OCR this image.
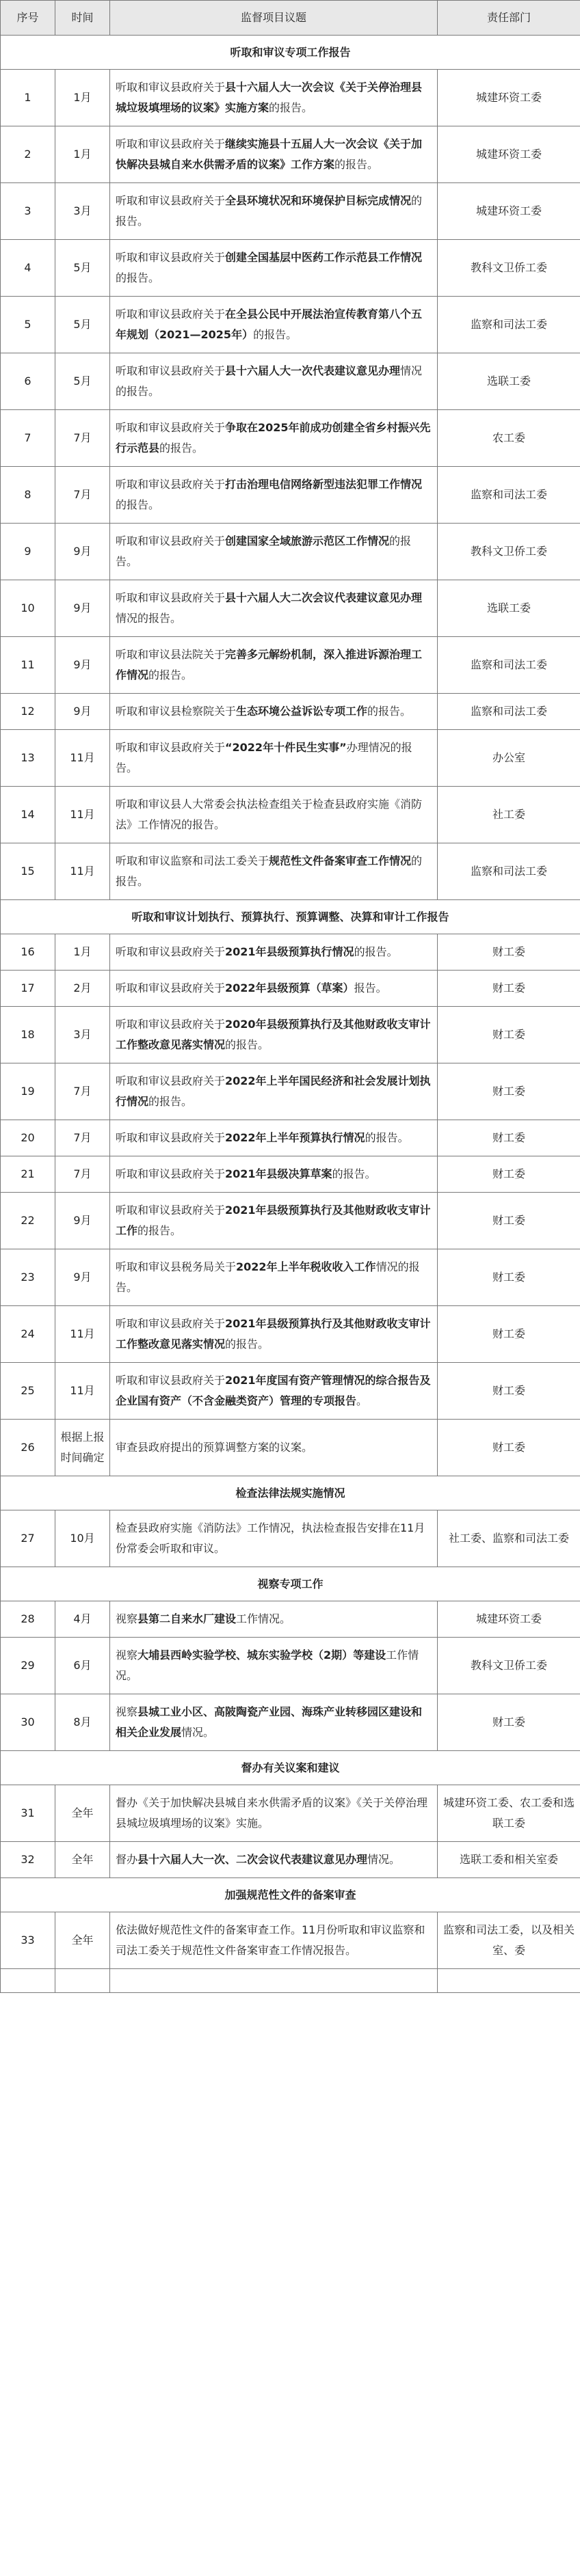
序号	时间	监督项目议题	责任部门
听取和审议专项工作报告			
1	1月	听取和审议县政府关于县十六届人大一次会议《关于关停治理县城垃圾填埋场的议案》实施方案的报告。	城建环资工委
2	1月	听取和审议县政府关于继续实施县十五届人大一次会议《关于加快解决县城自来水供需矛盾的议案》工作方案的报告。	城建环资工委
3	3月	听取和审议县政府关于全县环境状况和环境保护目标完成情况的报告。	城建环资工委
4	5月	听取和审议县政府关于创建全国基层中医药工作示范县工作情况的报告。	教科文卫侨工委
5	5月	听取和审议县政府关于在全县公民中开展法治宣传教育第八个五年规划（2021—2025年）的报告。	监察和司法工委
6	5月	听取和审议县政府关于县十六届人大一次代表建议意见办理情况的报告。	选联工委
7	7月	听取和审议县政府关于争取在2025年前成功创建全省乡村振兴先行示范县的报告。	农工委
8	7月	听取和审议县政府关于打击治理电信网络新型违法犯罪工作情况的报告。	监察和司法工委
9	9月	听取和审议县政府关于创建国家全域旅游示范区工作情况的报告。	教科文卫侨工委
10	9月	听取和审议县政府关于县十六届人大二次会议代表建议意见办理情况的报告。	选联工委
11	9月	听取和审议县法院关于完善多元解纷机制，深入推进诉源治理工作情况的报告。	监察和司法工委
12	9月	听取和审议县检察院关于生态环境公益诉讼专项工作的报告。	监察和司法工委
13	11月	听取和审议县政府关于“2022年十件民生实事”办理情况的报告。	办公室
14	11月	听取和审议县人大常委会执法检查组关于检查县政府实施《消防法》工作情况的报告。	社工委
15	11月	听取和审议监察和司法工委关于规范性文件备案审查工作情况的报告。	监察和司法工委
听取和审议计划执行、预算执行、预算调整、决算和审计工作报告			
16	1月	听取和审议县政府关于2021年县级预算执行情况的报告。	财工委
17	2月	听取和审议县政府关于2022年县级预算（草案）报告。	财工委
18	3月	听取和审议县政府关于2020年县级预算执行及其他财政收支审计工作整改意见落实情况的报告。	财工委
19	7月	听取和审议县政府关于2022年上半年国民经济和社会发展计划执行情况的报告。	财工委
20	7月	听取和审议县政府关于2022年上半年预算执行情况的报告。	财工委
21	7月	听取和审议县政府关于2021年县级决算草案的报告。	财工委
22	9月	听取和审议县政府关于2021年县级预算执行及其他财政收支审计工作的报告。	财工委
23	9月	听取和审议县税务局关于2022年上半年税收收入工作情况的报告。	财工委
24	11月	听取和审议县政府关于2021年县级预算执行及其他财政收支审计工作整改意见落实情况的报告。	财工委
25	11月	听取和审议县政府关于2021年度国有资产管理情况的综合报告及企业国有资产（不含金融类资产）管理的专项报告。	财工委
26	根据上报时间确定	审查县政府提出的预算调整方案的议案。	财工委
检查法律法规实施情况			
27	10月	检查县政府实施《消防法》工作情况，执法检查报告安排在11月份常委会听取和审议。	社工委、监察和司法工委
视察专项工作			
28	4月	视察县第二自来水厂建设工作情况。	城建环资工委
29	6月	视察大埔县西岭实验学校、城东实验学校（2期）等建设工作情况。	教科文卫侨工委
30	8月	视察县城工业小区、高陂陶瓷产业园、海珠产业转移园区建设和相关企业发展情况。	财工委
督办有关议案和建议			
31	全年	督办《关于加快解决县城自来水供需矛盾的议案》《关于关停治理县城垃圾填埋场的议案》实施。	城建环资工委、农工委和选联工委
32	全年	督办县十六届人大一次、二次会议代表建议意见办理情况。	选联工委和相关室委
加强规范性文件的备案审查			
33	全年	依法做好规范性文件的备案审查工作。11月份听取和审议监察和司法工委关于规范性文件备案审查工作情况报告。	监察和司法工委，以及相关室、委
